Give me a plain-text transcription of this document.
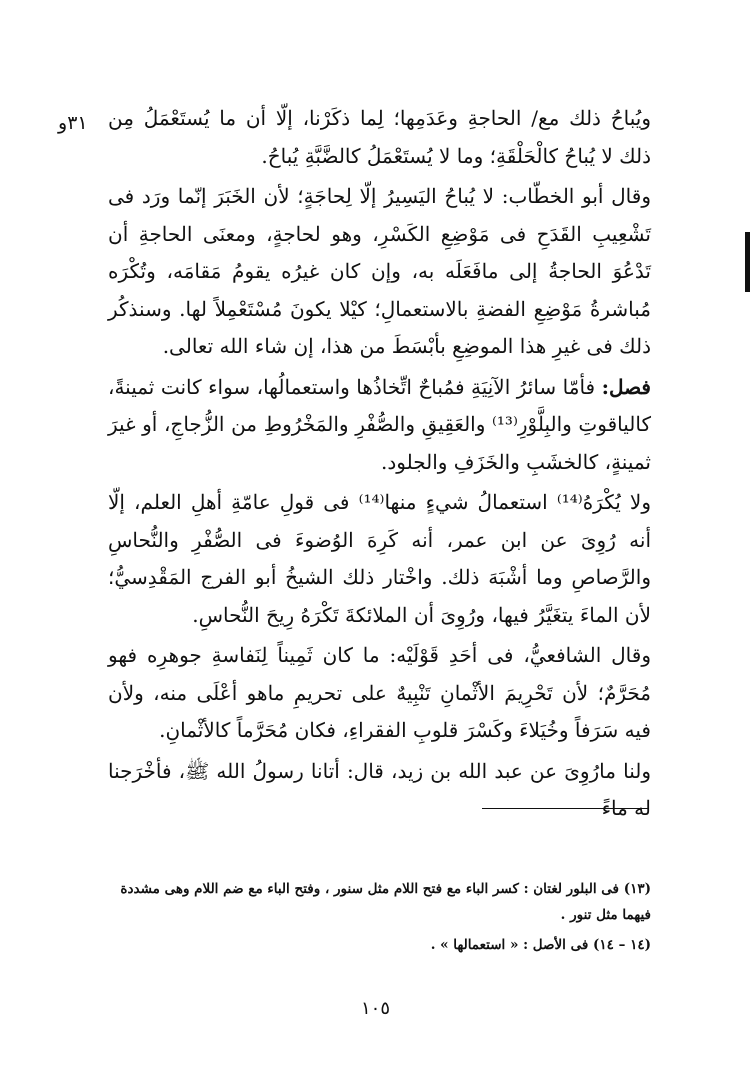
٣١و ويُباحُ ذلك مع/ الحاجةِ وعَدَمِها؛ لِما ذكَرْنا، إلّا أن ما يُستَعْمَلُ مِن ذلك لا يُباحُ كالْحَلْقَةِ؛ وما لا يُستَعْمَلُ كالضَّبَّةِ يُباحُ.

وقال أبو الخطّاب: لا يُباحُ اليَسِيرُ إلّا لِحاجَةٍ؛ لأن الخَبَرَ إنّما ورَد فى تَشْعِيبِ القَدَحِ فى مَوْضِعِ الكَسْرِ، وهو لحاجةٍ، ومعنَى الحاجةِ أن تَدْعُوَ الحاجةُ إلى مافَعَلَه به، وإن كان غيرُه يقومُ مَقامَه، وتُكْرَه مُباشرةُ مَوْضِعِ الفضةِ بالاستعمالِ؛ كيْلا يكونَ مُسْتَعْمِلاً لها. وسنذكُر ذلك فى غيرِ هذا الموضِعِ بأبْسَطَ من هذا، إن شاء الله تعالى.

فصل: فأمّا سائرُ الآنِيَةِ فمُباحٌ اتِّخاذُها واستعمالُها، سواء كانت ثمينةً، كالياقوتِ والبِلَّوْرِ⁽¹³⁾ والعَقِيقِ والصُّفْرِ والمَخْرُوطِ من الزُّجاجِ، أو غيرَ ثمينةٍ، كالخشَبِ والخَزَفِ والجلود.

ولا يُكْرَهُ⁽¹⁴⁾ استعمالُ شيءٍ منها⁽¹⁴⁾ فى قولِ عامّةِ أهلِ العلم، إلّا أنه رُوِىَ عن ابن عمر، أنه كَرِهَ الوُضوءَ فى الصُّفْرِ والنُّحاسِ والرَّصاصِ وما أشْبَهَ ذلك. واخْتار ذلك الشيخُ أبو الفرج المَقْدِسيُّ؛ لأن الماءَ يتغَيَّرُ فيها، ورُوِىَ أن الملائكةَ تَكْرَهُ رِيحَ النُّحاسِ.

وقال الشافعيُّ، فى أحَدِ قَوْلَيْه: ما كان ثَمِيناً لِنَفاسةِ جوهرِه فهو مُحَرَّمٌ؛ لأن تَحْرِيمَ الأثْمانِ تَنْبِيهٌ على تحريمِ ماهو أعْلَى منه، ولأن فيه سَرَفاً وخُيَلاءَ وكَسْرَ قلوبِ الفقراءِ، فكان مُحَرَّماً كالأثْمانِ.

ولنا مارُوِىَ عن عبد الله بن زيد، قال: أتانا رسولُ الله ﷺ، فأخْرَجنا له ماءً

(١٣) فى البلور لغتان : كسر الباء مع فتح اللام مثل سنور ، وفتح الباء مع ضم اللام وهى مشددة فيهما مثل تنور .

(١٤ – ١٤) فى الأصل : « استعمالها » .

١٠٥
